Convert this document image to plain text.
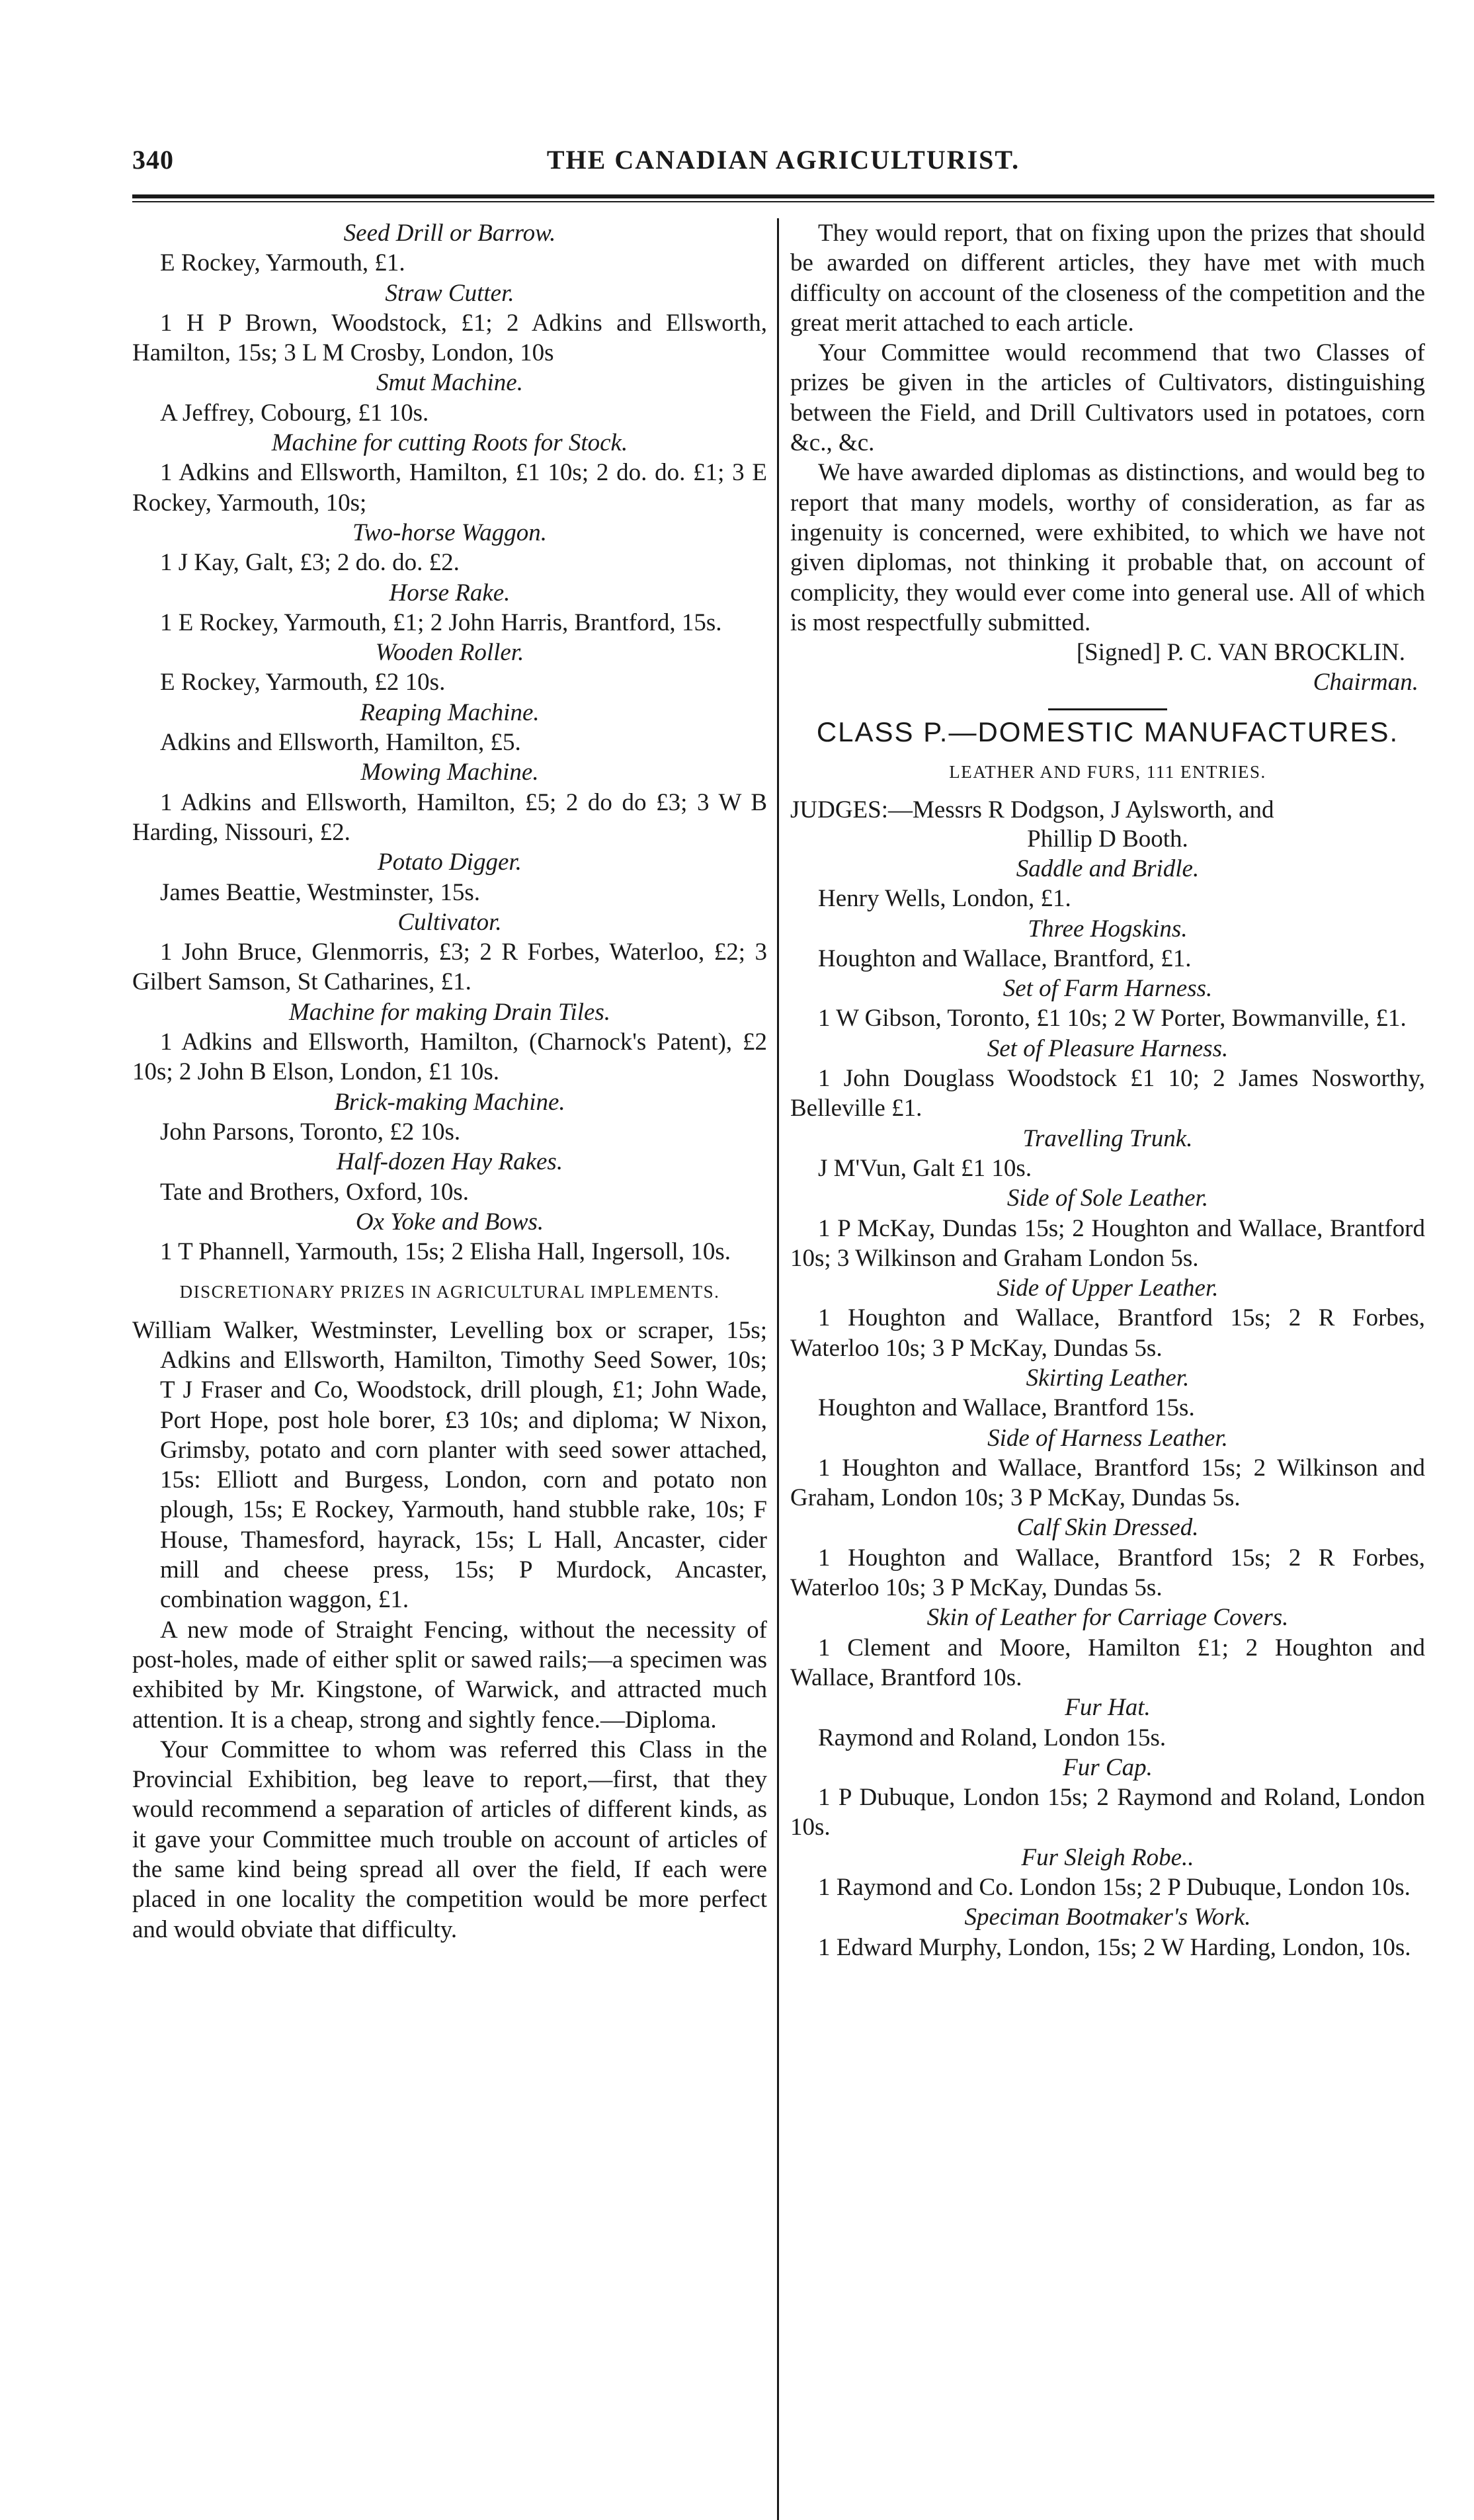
340	THE CANADIAN AGRICULTURIST.
Seed Drill or Barrow.
E Rockey, Yarmouth, £1.
Straw Cutter.
1 H P Brown, Woodstock, £1; 2 Adkins and Ellsworth, Hamilton, 15s; 3 L M Crosby, London, 10s
Smut Machine.
A Jeffrey, Cobourg, £1 10s.
Machine for cutting Roots for Stock.
1 Adkins and Ellsworth, Hamilton, £1 10s; 2 do. do. £1; 3 E Rockey, Yarmouth, 10s;
Two-horse Waggon.
1 J Kay, Galt, £3; 2 do. do. £2.
Horse Rake.
1 E Rockey, Yarmouth, £1; 2 John Harris, Brantford, 15s.
Wooden Roller.
E Rockey, Yarmouth, £2 10s.
Reaping Machine.
Adkins and Ellsworth, Hamilton, £5.
Mowing Machine.
1 Adkins and Ellsworth, Hamilton, £5; 2 do do £3; 3 W B Harding, Nissouri, £2.
Potato Digger.
James Beattie, Westminster, 15s.
Cultivator.
1 John Bruce, Glenmorris, £3; 2 R Forbes, Waterloo, £2; 3 Gilbert Samson, St Catharines, £1.
Machine for making Drain Tiles.
1 Adkins and Ellsworth, Hamilton, (Charnock's Patent), £2 10s; 2 John B Elson, London, £1 10s.
Brick-making Machine.
John Parsons, Toronto, £2 10s.
Half-dozen Hay Rakes.
Tate and Brothers, Oxford, 10s.
Ox Yoke and Bows.
1 T Phannell, Yarmouth, 15s; 2 Elisha Hall, Ingersoll, 10s.
DISCRETIONARY PRIZES IN AGRICULTURAL IMPLEMENTS.
William Walker, Westminster, Levelling box or scraper, 15s; Adkins and Ellsworth, Hamilton, Timothy Seed Sower, 10s; T J Fraser and Co, Woodstock, drill plough, £1; John Wade, Port Hope, post hole borer, £3 10s; and diploma; W Nixon, Grimsby, potato and corn planter with seed sower attached, 15s: Elliott and Burgess, London, corn and potato non plough, 15s; E Rockey, Yarmouth, hand stubble rake, 10s; F House, Thamesford, hayrack, 15s; L Hall, Ancaster, cider mill and cheese press, 15s; P Murdock, Ancaster, combination waggon, £1.
A new mode of Straight Fencing, without the necessity of post-holes, made of either split or sawed rails;—a specimen was exhibited by Mr. Kingstone, of Warwick, and attracted much attention. It is a cheap, strong and sightly fence.—Diploma.
Your Committee to whom was referred this Class in the Provincial Exhibition, beg leave to report,—first, that they would recommend a separation of articles of different kinds, as it gave your Committee much trouble on account of articles of the same kind being spread all over the field, If each were placed in one locality the competition would be more perfect and would obviate that difficulty.
They would report, that on fixing upon the prizes that should be awarded on different articles, they have met with much difficulty on account of the closeness of the competition and the great merit attached to each article.
Your Committee would recommend that two Classes of prizes be given in the articles of Cultivators, distinguishing between the Field, and Drill Cultivators used in potatoes, corn &c., &c.
We have awarded diplomas as distinctions, and would beg to report that many models, worthy of consideration, as far as ingenuity is concerned, were exhibited, to which we have not given diplomas, not thinking it probable that, on account of complicity, they would ever come into general use. All of which is most respectfully submitted.
[Signed] P. C. VAN BROCKLIN.
Chairman.
CLASS P.—DOMESTIC MANUFACTURES.
LEATHER AND FURS, 111 ENTRIES.
JUDGES:—Messrs R Dodgson, J Aylsworth, and
Phillip D Booth.
Saddle and Bridle.
Henry Wells, London, £1.
Three Hogskins.
Houghton and Wallace, Brantford, £1.
Set of Farm Harness.
1 W Gibson, Toronto, £1 10s; 2 W Porter, Bowmanville, £1.
Set of Pleasure Harness.
1 John Douglass Woodstock £1 10; 2 James Nosworthy, Belleville £1.
Travelling Trunk.
J M'Vun, Galt £1 10s.
Side of Sole Leather.
1 P McKay, Dundas 15s; 2 Houghton and Wallace, Brantford 10s; 3 Wilkinson and Graham London 5s.
Side of Upper Leather.
1 Houghton and Wallace, Brantford 15s; 2 R Forbes, Waterloo 10s; 3 P McKay, Dundas 5s.
Skirting Leather.
Houghton and Wallace, Brantford 15s.
Side of Harness Leather.
1 Houghton and Wallace, Brantford 15s; 2 Wilkinson and Graham, London 10s; 3 P McKay, Dundas 5s.
Calf Skin Dressed.
1 Houghton and Wallace, Brantford 15s; 2 R Forbes, Waterloo 10s; 3 P McKay, Dundas 5s.
Skin of Leather for Carriage Covers.
1 Clement and Moore, Hamilton £1; 2 Houghton and Wallace, Brantford 10s.
Fur Hat.
Raymond and Roland, London 15s.
Fur Cap.
1 P Dubuque, London 15s; 2 Raymond and Roland, London 10s.
Fur Sleigh Robe..
1 Raymond and Co. London 15s; 2 P Dubuque, London 10s.
Speciman Bootmaker's Work.
1 Edward Murphy, London, 15s; 2 W Harding, London, 10s.
